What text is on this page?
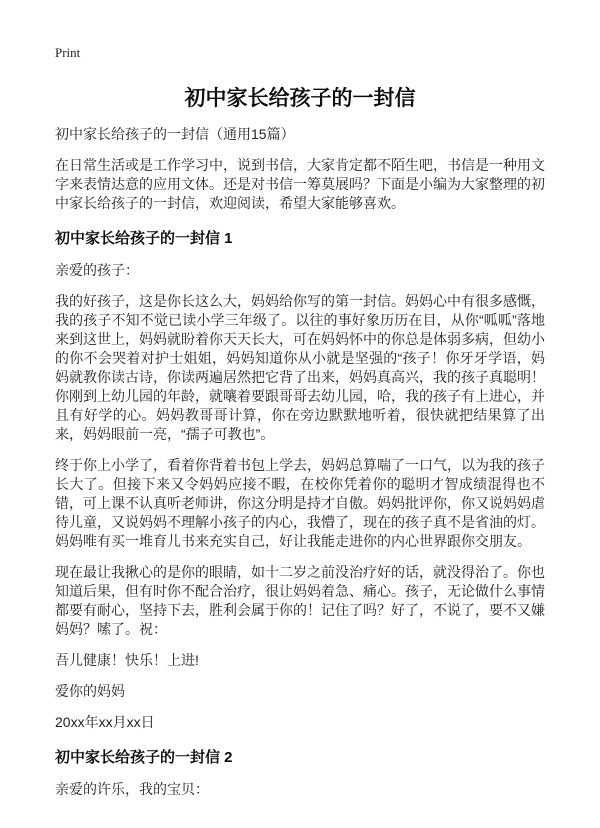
Print
初中家长给孩子的一封信
初中家长给孩子的一封信（通用15篇）

在日常生活或是工作学习中，说到书信，大家肯定都不陌生吧，书信是一种用文字来表情达意的应用文体。还是对书信一筹莫展吗？下面是小编为大家整理的初中家长给孩子的一封信，欢迎阅读，希望大家能够喜欢。

初中家长给孩子的一封信 1

亲爱的孩子：

我的好孩子，这是你长这么大，妈妈给你写的第一封信。妈妈心中有很多感慨，我的孩子不知不觉已读小学三年级了。以往的事好象历历在目，从你“呱呱”落地来到这世上，妈妈就盼着你天天长大，可在妈妈怀中的你总是体弱多病，但幼小的你不会哭着对护士姐姐，妈妈知道你从小就是坚强的“孩子！你牙牙学语，妈妈就教你读古诗，你读两遍居然把它背了出来，妈妈真高兴，我的孩子真聪明！你刚到上幼儿园的年龄，就嚷着要跟哥哥去幼儿园，哈，我的孩子有上进心，并且有好学的心。妈妈教哥哥计算，你在旁边默默地听着，很快就把结果算了出来，妈妈眼前一亮，“孺子可教也”。

终于你上小学了，看着你背着书包上学去，妈妈总算喘了一口气，以为我的孩子长大了。但接下来又令妈妈应接不暇，在校你凭着你的聪明才智成绩混得也不错，可上课不认真听老师讲，你这分明是持才自傲。妈妈批评你，你又说妈妈虐待儿童，又说妈妈不理解小孩子的内心，我懵了，现在的孩子真不是省油的灯。妈妈唯有买一堆育儿书来充实自己，好让我能走进你的内心世界跟你交朋友。

现在最让我揪心的是你的眼睛，如十二岁之前没治疗好的话，就没得治了。你也知道后果，但有时你不配合治疗，很让妈妈着急、痛心。孩子，无论做什么事情都要有耐心，坚持下去，胜利会属于你的！记住了吗？好了，不说了，要不又嫌妈妈？嗦了。祝：

吾儿健康！快乐！上进!

爱你的妈妈

20xx年xx月xx日

初中家长给孩子的一封信 2

亲爱的许乐，我的宝贝：
